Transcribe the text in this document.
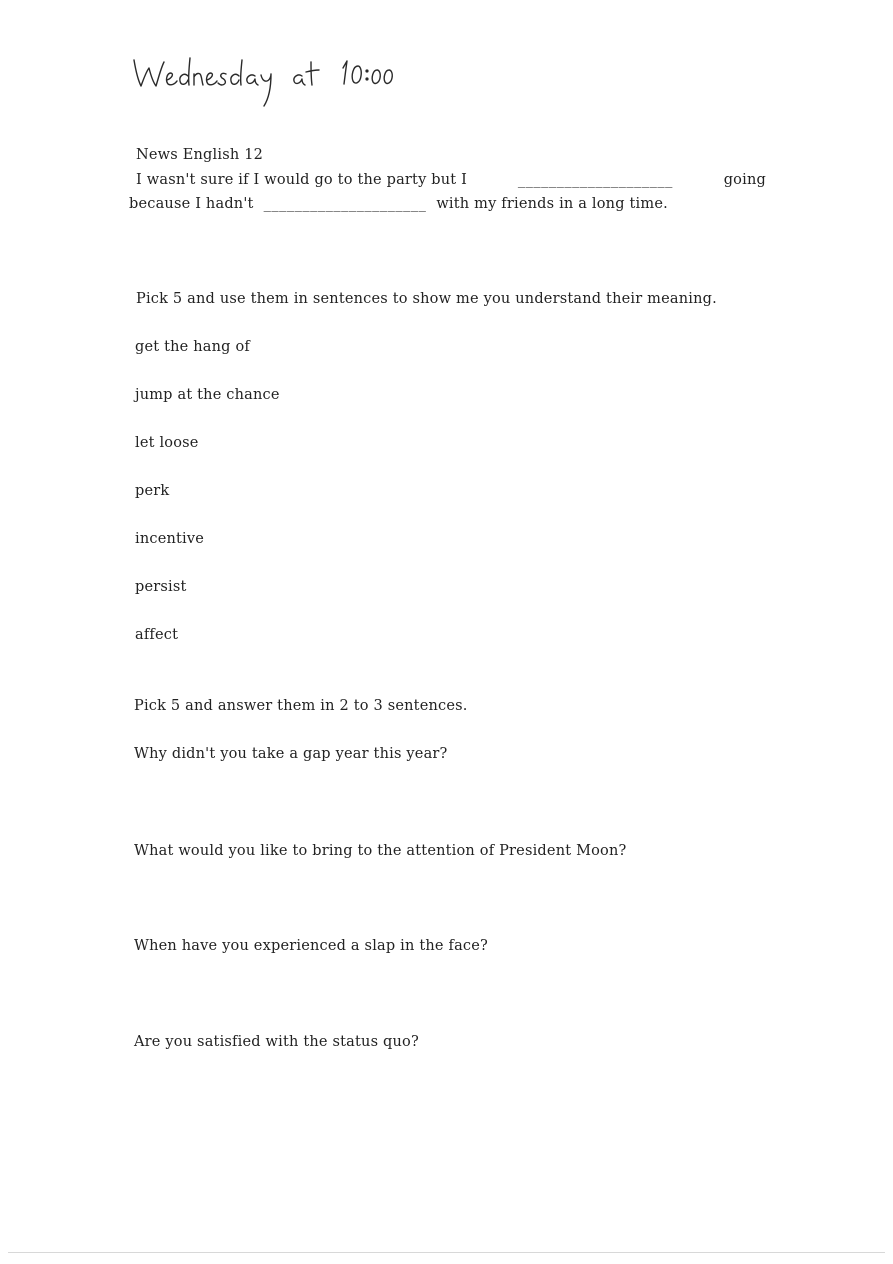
News English 12
I wasn't sure if I would go to the party but I	____________________	going
because I hadn't _____________________ with my friends in a long time.
Pick 5 and use them in sentences to show me you understand their meaning.
get the hang of
jump at the chance
let loose
perk
incentive
persist
affect
Pick 5 and answer them in 2 to 3 sentences.
Why didn't you take a gap year this year?
What would you like to bring to the attention of President Moon?
When have you experienced a slap in the face?
Are you satisfied with the status quo?
